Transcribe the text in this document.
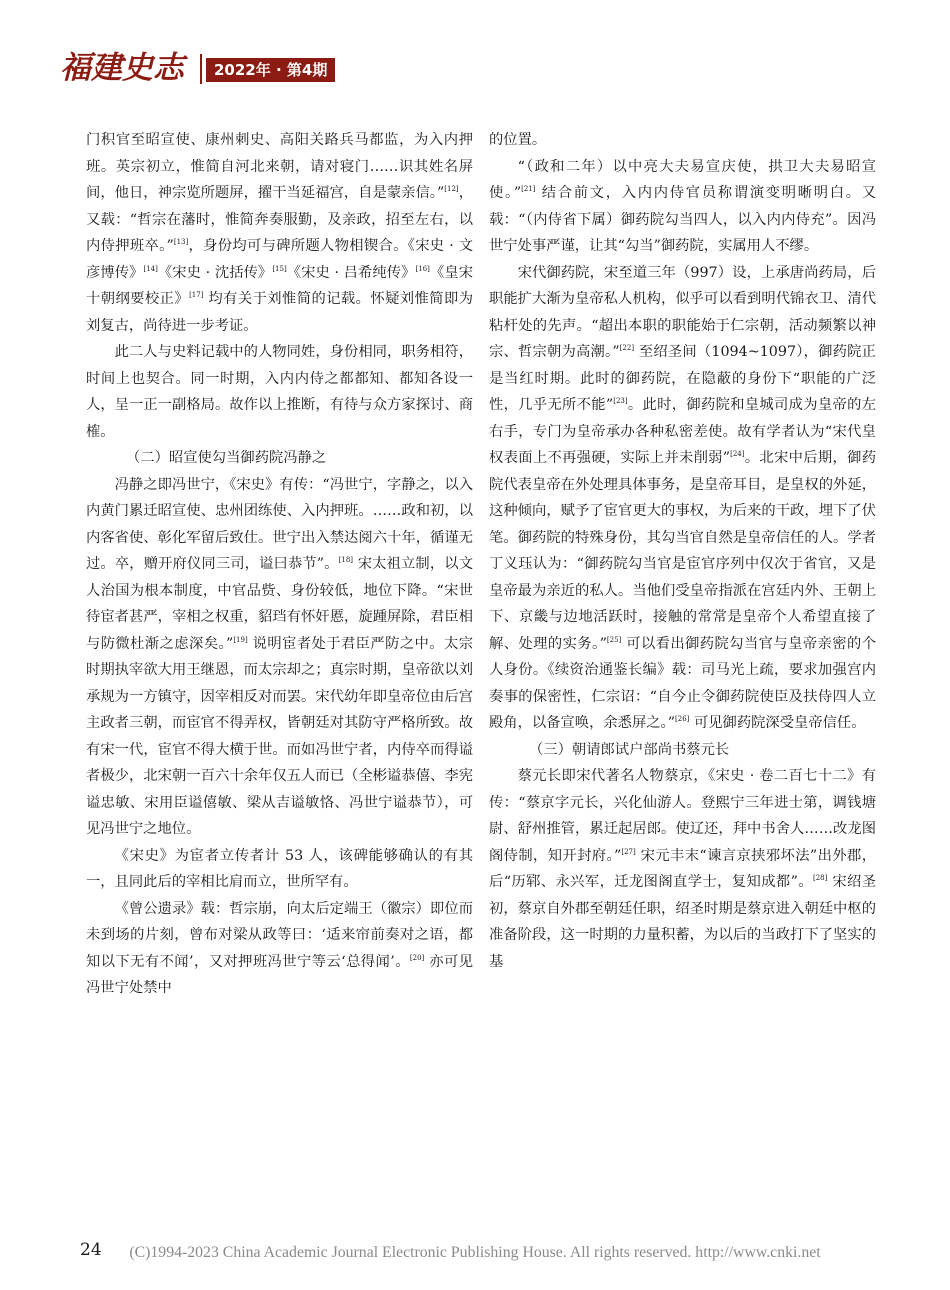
福建史志	2022年 · 第4期

门积官至昭宣使、康州刺史、高阳关路兵马都监，为入内押班。英宗初立，惟简自河北来朝，请对寝门……识其姓名屏间，他日，神宗览所题屏，擢干当延福宫，自是蒙亲信。”[12]，又载：“哲宗在藩时，惟简奔奏服勤，及亲政，招至左右，以内侍押班卒。”[13]，身份均可与碑所题人物相锲合。《宋史 · 文彦博传》[14]《宋史 · 沈括传》[15]《宋史 · 吕希纯传》[16]《皇宋十朝纲要校正》[17] 均有关于刘惟简的记载。怀疑刘惟简即为刘复古，尚待进一步考证。

此二人与史料记载中的人物同姓，身份相同，职务相符，时间上也契合。同一时期，入内内侍之都都知、都知各设一人，呈一正一副格局。故作以上推断，有待与众方家探讨、商榷。

（二）昭宣使勾当御药院冯静之

冯静之即冯世宁，《宋史》有传：“冯世宁，字静之，以入内黄门累迁昭宣使、忠州团练使、入内押班。……政和初，以内客省使、彰化军留后致仕。世宁出入禁达阅六十年，循谨无过。卒，赠开府仪同三司，谥曰恭节”。[18] 宋太祖立制，以文人治国为根本制度，中官品赀、身份较低，地位下降。“宋世待宦者甚严，宰相之权重，貂珰有怀奸慝，旋踵屏除，君臣相与防微杜渐之虑深矣。”[19] 说明宦者处于君臣严防之中。太宗时期执宰欲大用王继恩，而太宗却之；真宗时期，皇帝欲以刘承规为一方镇守，因宰相反对而罢。宋代幼年即皇帝位由后宫主政者三朝，而宦官不得弄权，皆朝廷对其防守严格所致。故有宋一代，宦官不得大横于世。而如冯世宁者，内侍卒而得谥者极少，北宋朝一百六十余年仅五人而已（全彬谥恭僖、李宪谥忠敏、宋用臣谥僖敏、梁从吉谥敏恪、冯世宁谥恭节），可见冯世宁之地位。

《宋史》为宦者立传者计 53 人，该碑能够确认的有其一，且同此后的宰相比肩而立，世所罕有。

《曾公遗录》载：哲宗崩，向太后定端王（徽宗）即位而未到场的片刻，曾布对梁从政等曰：‘适来帘前奏对之语，都知以下无有不闻’，又对押班冯世宁等云‘总得闻’。[20] 亦可见冯世宁处禁中

的位置。

“（政和二年）以中亮大夫易宣庆使，拱卫大夫易昭宣使。”[21] 结合前文，入内内侍官员称谓演变明晰明白。又载：“（内侍省下属）御药院勾当四人，以入内内侍充”。因冯世宁处事严谨，让其“勾当”御药院，实属用人不缪。

宋代御药院，宋至道三年（997）设，上承唐尚药局，后职能扩大渐为皇帝私人机构，似乎可以看到明代锦衣卫、清代粘杆处的先声。“超出本职的职能始于仁宗朝，活动频繁以神宗、哲宗朝为高潮。”[22] 至绍圣间（1094~1097），御药院正是当红时期。此时的御药院，在隐蔽的身份下“职能的广泛性，几乎无所不能”[23]。此时，御药院和皇城司成为皇帝的左右手，专门为皇帝承办各种私密差使。故有学者认为“宋代皇权表面上不再强硬，实际上并未削弱”[24]。北宋中后期，御药院代表皇帝在外处理具体事务，是皇帝耳目，是皇权的外延，这种倾向，赋予了宦官更大的事权，为后来的干政，埋下了伏笔。御药院的特殊身份，其勾当官自然是皇帝信任的人。学者丁义珏认为：“御药院勾当官是宦官序列中仅次于省官，又是皇帝最为亲近的私人。当他们受皇帝指派在宫廷内外、王朝上下、京畿与边地活跃时，接触的常常是皇帝个人希望直接了解、处理的实务。”[25] 可以看出御药院勾当官与皇帝亲密的个人身份。《续资治通鉴长编》载：司马光上疏，要求加强宫内奏事的保密性，仁宗诏：“自今止令御药院使臣及扶侍四人立殿角，以备宣唤，余悉屏之。”[26] 可见御药院深受皇帝信任。

（三）朝请郎试户部尚书蔡元长

蔡元长即宋代著名人物蔡京，《宋史 · 卷二百七十二》有传：“蔡京字元长，兴化仙游人。登熙宁三年进士第，调钱塘尉、舒州推管，累迁起居郎。使辽还，拜中书舍人……改龙图阁侍制，知开封府。”[27] 宋元丰末“谏言京挟邪坏法”出外郡，后“历郓、永兴军，迁龙图阁直学士，复知成都”。[28] 宋绍圣初，蔡京自外郡至朝廷任职，绍圣时期是蔡京进入朝廷中枢的准备阶段，这一时期的力量积蓄，为以后的当政打下了坚实的基

24	(C)1994-2023 China Academic Journal Electronic Publishing House. All rights reserved. http://www.cnki.net
